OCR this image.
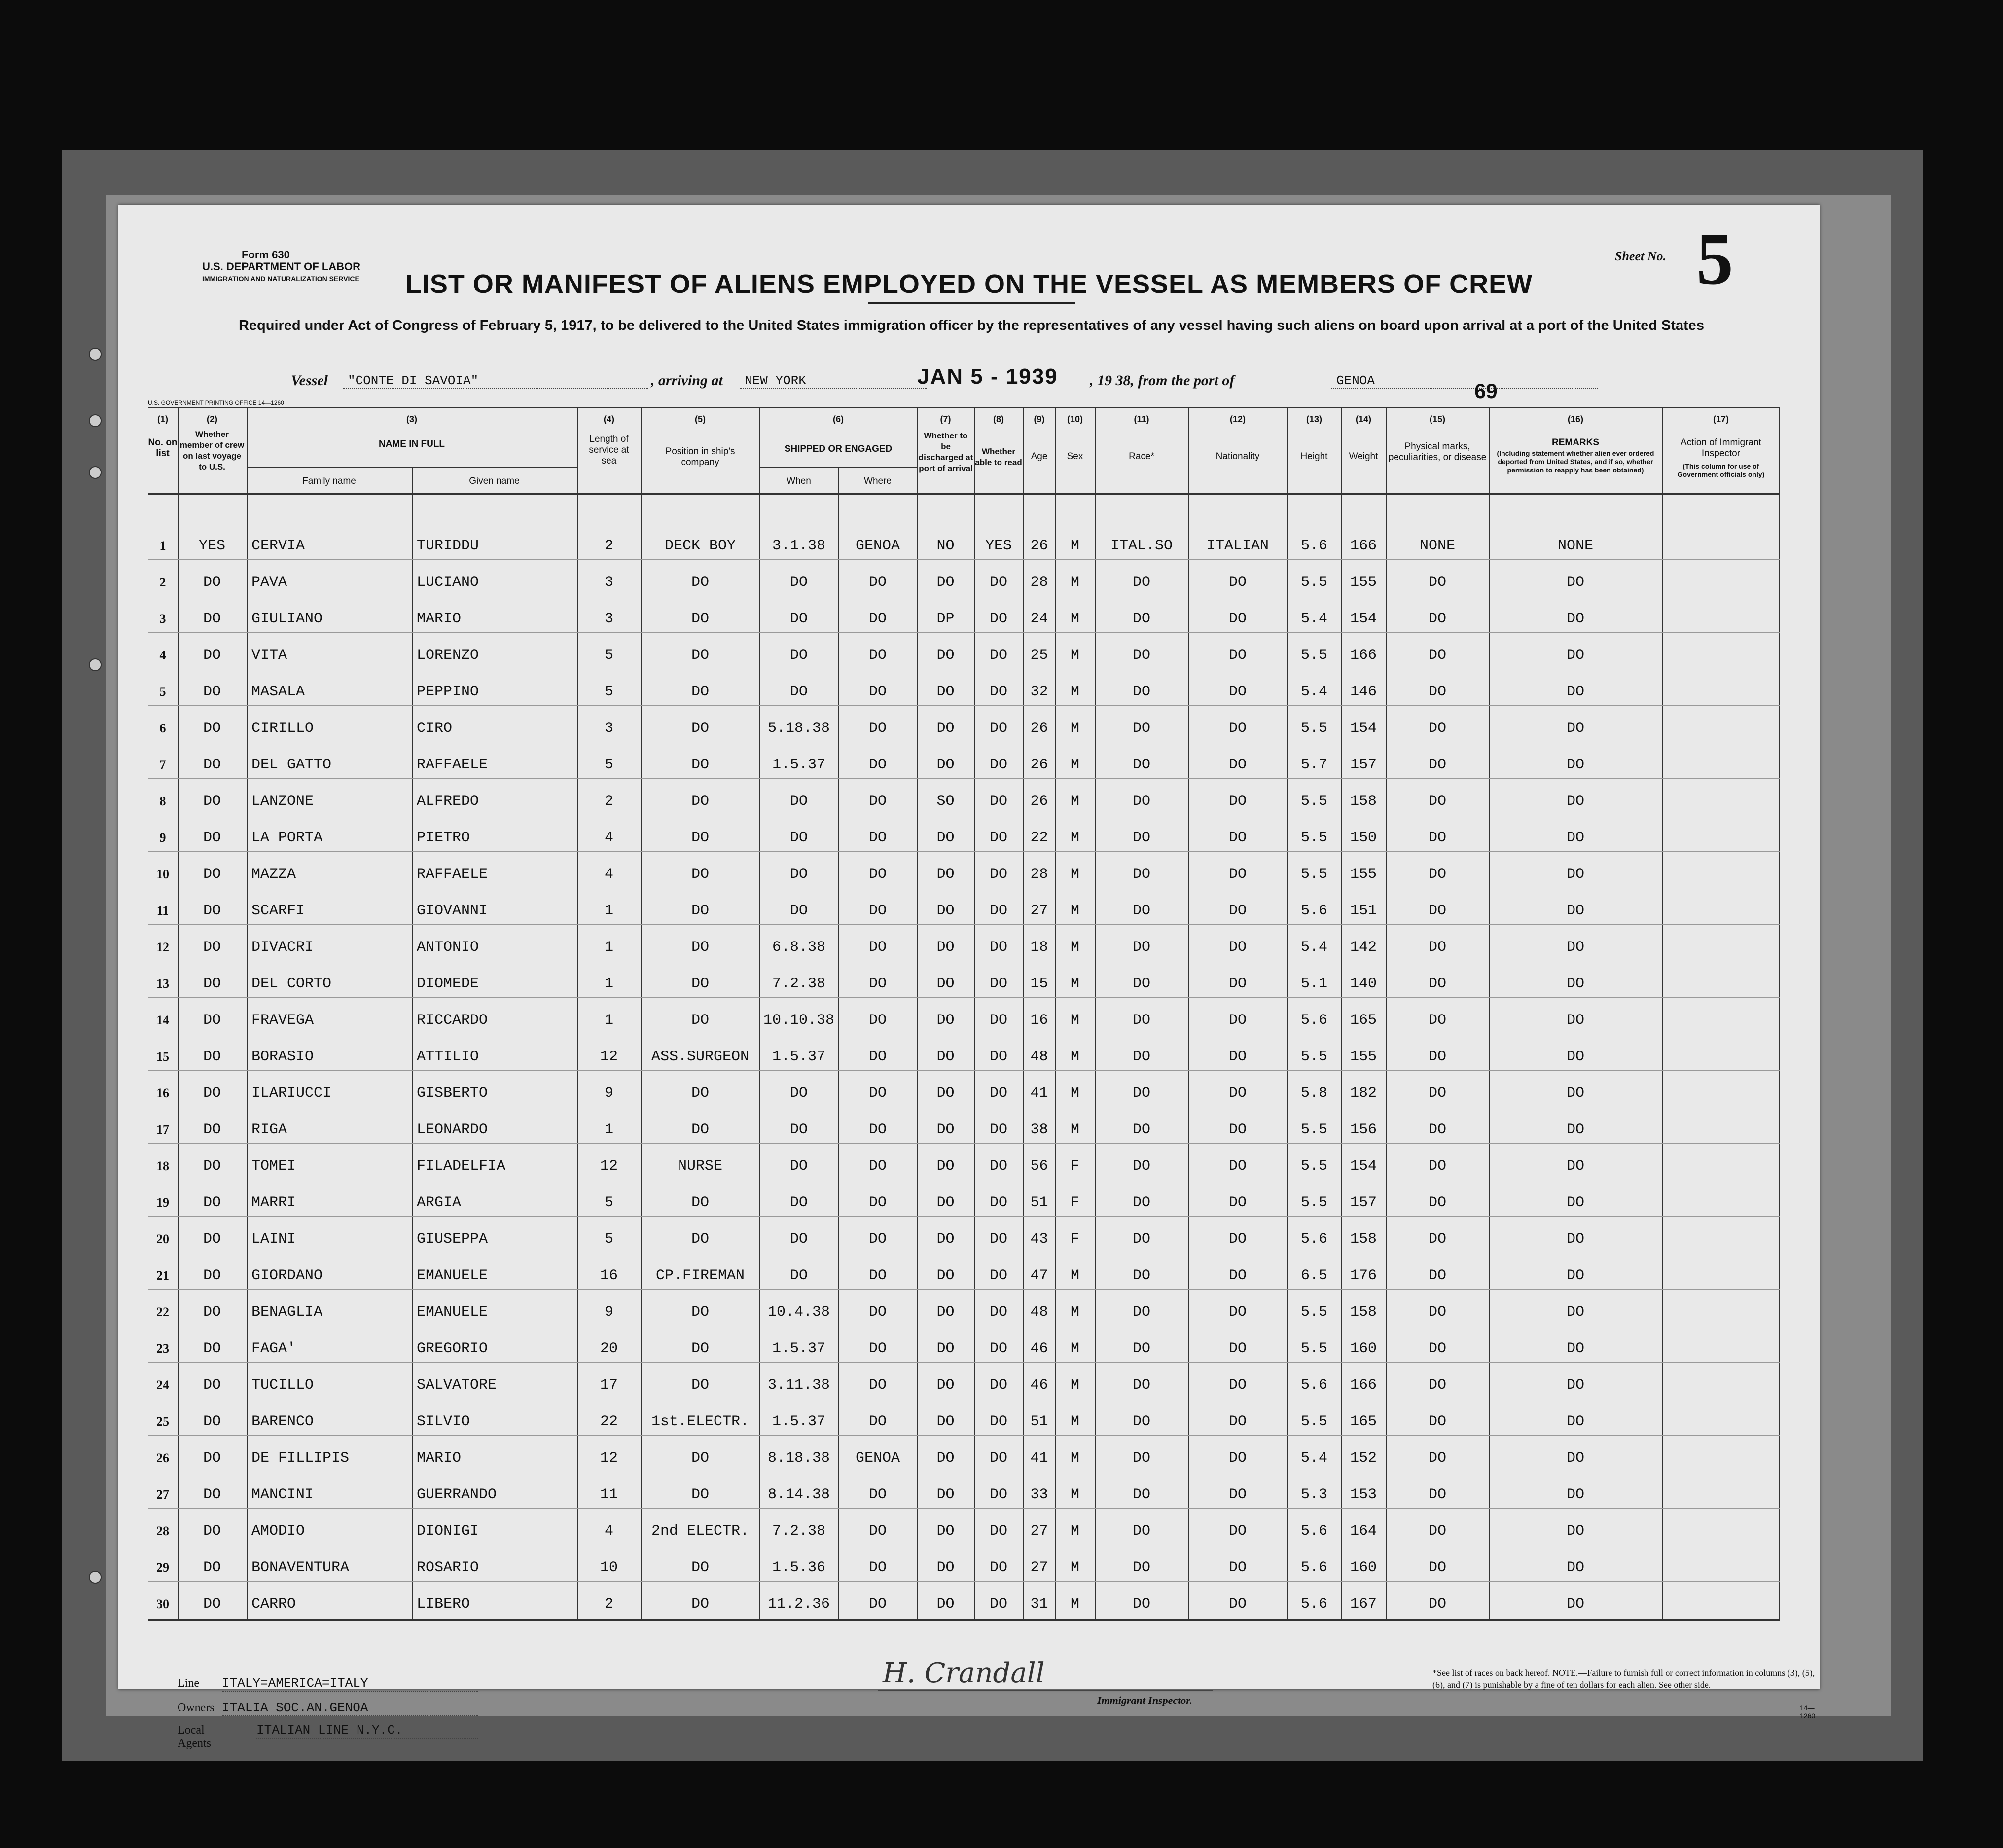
Form 630
U.S. DEPARTMENT OF LABOR
IMMIGRATION AND NATURALIZATION SERVICE
Sheet No. 5
LIST OR MANIFEST OF ALIENS EMPLOYED ON THE VESSEL AS MEMBERS OF CREW
Required under Act of Congress of February 5, 1917, to be delivered to the United States immigration officer by the representatives of any vessel having such aliens on board upon arrival at a port of the United States
Vessel	"CONTE DI SAVOIA"	, arriving at	NEW YORK	JAN 5 - 1939 , 19 38, from the port of	GENOA	69
U.S. GOVERNMENT PRINTING OFFICE 14—1260
(1)	(2)	(3)	(4)	(5)	(6)	(7)	(8)	(9)	(10)	(11)	(12)	(13)	(14)	(15)	(16)	(17)
No. on list
Whether member of crew on last voyage to U.S.
NAME IN FULL
Family name	Given name
Length of service at sea
Position in ship's company
SHIPPED OR ENGAGED
When	Where
Whether to be discharged at port of arrival
Whether able to read
Age	Sex	Race*	Nationality	Height	Weight
Physical marks, peculiarities, or disease
REMARKS
(Including statement whether alien ever ordered deported from United States, and if so, whether permission to reapply has been obtained)
Action of Immigrant Inspector
(This column for use of Government officials only)
1	YES	CERVIA	TURIDDU	2	DECK BOY	3.1.38	GENOA	NO	YES	26	M	ITAL.SO	ITALIAN	5.6	166	NONE	NONE
2	DO	PAVA	LUCIANO	3	DO	DO	DO	DO	DO	28	M	DO	DO	5.5	155	DO	DO
3	DO	GIULIANO	MARIO	3	DO	DO	DO	DP	DO	24	M	DO	DO	5.4	154	DO	DO
4	DO	VITA	LORENZO	5	DO	DO	DO	DO	DO	25	M	DO	DO	5.5	166	DO	DO
5	DO	MASALA	PEPPINO	5	DO	DO	DO	DO	DO	32	M	DO	DO	5.4	146	DO	DO
6	DO	CIRILLO	CIRO	3	DO	5.18.38	DO	DO	DO	26	M	DO	DO	5.5	154	DO	DO
7	DO	DEL GATTO	RAFFAELE	5	DO	1.5.37	DO	DO	DO	26	M	DO	DO	5.7	157	DO	DO
8	DO	LANZONE	ALFREDO	2	DO	DO	DO	SO	DO	26	M	DO	DO	5.5	158	DO	DO
9	DO	LA PORTA	PIETRO	4	DO	DO	DO	DO	DO	22	M	DO	DO	5.5	150	DO	DO
10	DO	MAZZA	RAFFAELE	4	DO	DO	DO	DO	DO	28	M	DO	DO	5.5	155	DO	DO
11	DO	SCARFI	GIOVANNI	1	DO	DO	DO	DO	DO	27	M	DO	DO	5.6	151	DO	DO
12	DO	DIVACRI	ANTONIO	1	DO	6.8.38	DO	DO	DO	18	M	DO	DO	5.4	142	DO	DO
13	DO	DEL CORTO	DIOMEDE	1	DO	7.2.38	DO	DO	DO	15	M	DO	DO	5.1	140	DO	DO
14	DO	FRAVEGA	RICCARDO	1	DO	10.10.38	DO	DO	DO	16	M	DO	DO	5.6	165	DO	DO
15	DO	BORASIO	ATTILIO	12	ASS.SURGEON	1.5.37	DO	DO	DO	48	M	DO	DO	5.5	155	DO	DO
16	DO	ILARIUCCI	GISBERTO	9	DO	DO	DO	DO	DO	41	M	DO	DO	5.8	182	DO	DO
17	DO	RIGA	LEONARDO	1	DO	DO	DO	DO	DO	38	M	DO	DO	5.5	156	DO	DO
18	DO	TOMEI	FILADELFIA	12	NURSE	DO	DO	DO	DO	56	F	DO	DO	5.5	154	DO	DO
19	DO	MARRI	ARGIA	5	DO	DO	DO	DO	DO	51	F	DO	DO	5.5	157	DO	DO
20	DO	LAINI	GIUSEPPA	5	DO	DO	DO	DO	DO	43	F	DO	DO	5.6	158	DO	DO
21	DO	GIORDANO	EMANUELE	16	CP.FIREMAN	DO	DO	DO	DO	47	M	DO	DO	6.5	176	DO	DO
22	DO	BENAGLIA	EMANUELE	9	DO	10.4.38	DO	DO	DO	48	M	DO	DO	5.5	158	DO	DO
23	DO	FAGA'	GREGORIO	20	DO	1.5.37	DO	DO	DO	46	M	DO	DO	5.5	160	DO	DO
24	DO	TUCILLO	SALVATORE	17	DO	3.11.38	DO	DO	DO	46	M	DO	DO	5.6	166	DO	DO
25	DO	BARENCO	SILVIO	22	1st.ELECTR.	1.5.37	DO	DO	DO	51	M	DO	DO	5.5	165	DO	DO
26	DO	DE FILLIPIS	MARIO	12	DO	8.18.38	GENOA	DO	DO	41	M	DO	DO	5.4	152	DO	DO
27	DO	MANCINI	GUERRANDO	11	DO	8.14.38	DO	DO	DO	33	M	DO	DO	5.3	153	DO	DO
28	DO	AMODIO	DIONIGI	4	2nd ELECTR.	7.2.38	DO	DO	DO	27	M	DO	DO	5.6	164	DO	DO
29	DO	BONAVENTURA	ROSARIO	10	DO	1.5.36	DO	DO	DO	27	M	DO	DO	5.6	160	DO	DO
30	DO	CARRO	LIBERO	2	DO	11.2.36	DO	DO	DO	31	M	DO	DO	5.6	167	DO	DO
Line ITALY=AMERICA=ITALY
Owners ITALIA SOC.AN.GENOA
Local Agents
ITALIAN LINE N.Y.C.
H. Crandall
Immigrant Inspector.
*See list of races on back hereof. NOTE.—Failure to furnish full or correct information in columns (3), (5), (6), and (7) is punishable by a fine of ten dollars for each alien. See other side.
14—1260
